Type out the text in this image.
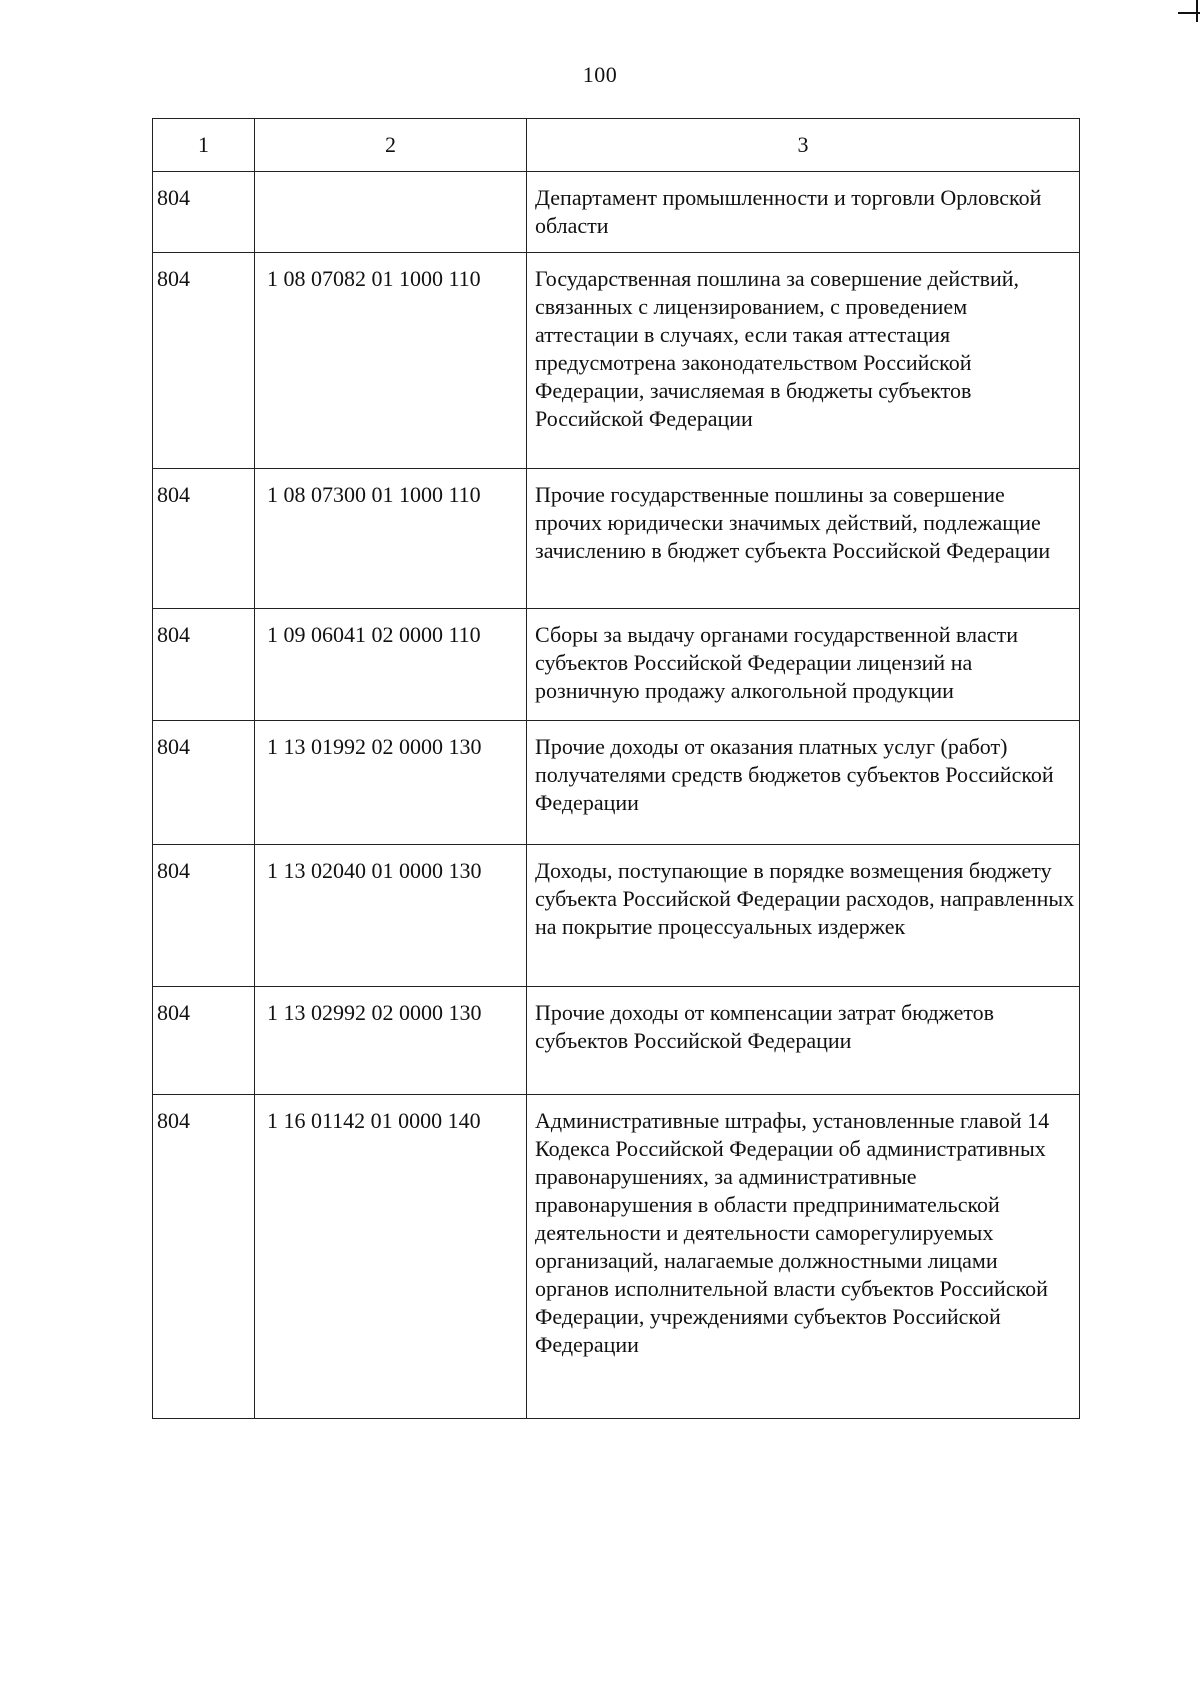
100
1	2	3
804		Департамент промышленности и торговли Орловской области
804	1 08 07082 01 1000 110	Государственная пошлина за совершение действий, связанных с лицензированием, с проведением аттестации в случаях, если такая аттестация предусмотрена законодательством Российской Федерации, зачисляемая в бюджеты субъектов Российской Федерации
804	1 08 07300 01 1000 110	Прочие государственные пошлины за совершение прочих юридически значимых действий, подлежащие зачислению в бюджет субъекта Российской Федерации
804	1 09 06041 02 0000 110	Сборы за выдачу органами государственной власти субъектов Российской Федерации лицензий на розничную продажу алкогольной продукции
804	1 13 01992 02 0000 130	Прочие доходы от оказания платных услуг (работ) получателями средств бюджетов субъектов Российской Федерации
804	1 13 02040 01 0000 130	Доходы, поступающие в порядке возмещения бюджету субъекта Российской Федерации расходов, направленных на покрытие процессуальных издержек
804	1 13 02992 02 0000 130	Прочие доходы от компенсации затрат бюджетов субъектов Российской Федерации
804	1 16 01142 01 0000 140	Административные штрафы, установленные главой 14 Кодекса Российской Федерации об административных правонарушениях, за административные правонарушения в области предпринимательской деятельности и деятельности саморегулируемых организаций, налагаемые должностными лицами органов исполнительной власти субъектов Российской Федерации, учреждениями субъектов Российской Федерации
